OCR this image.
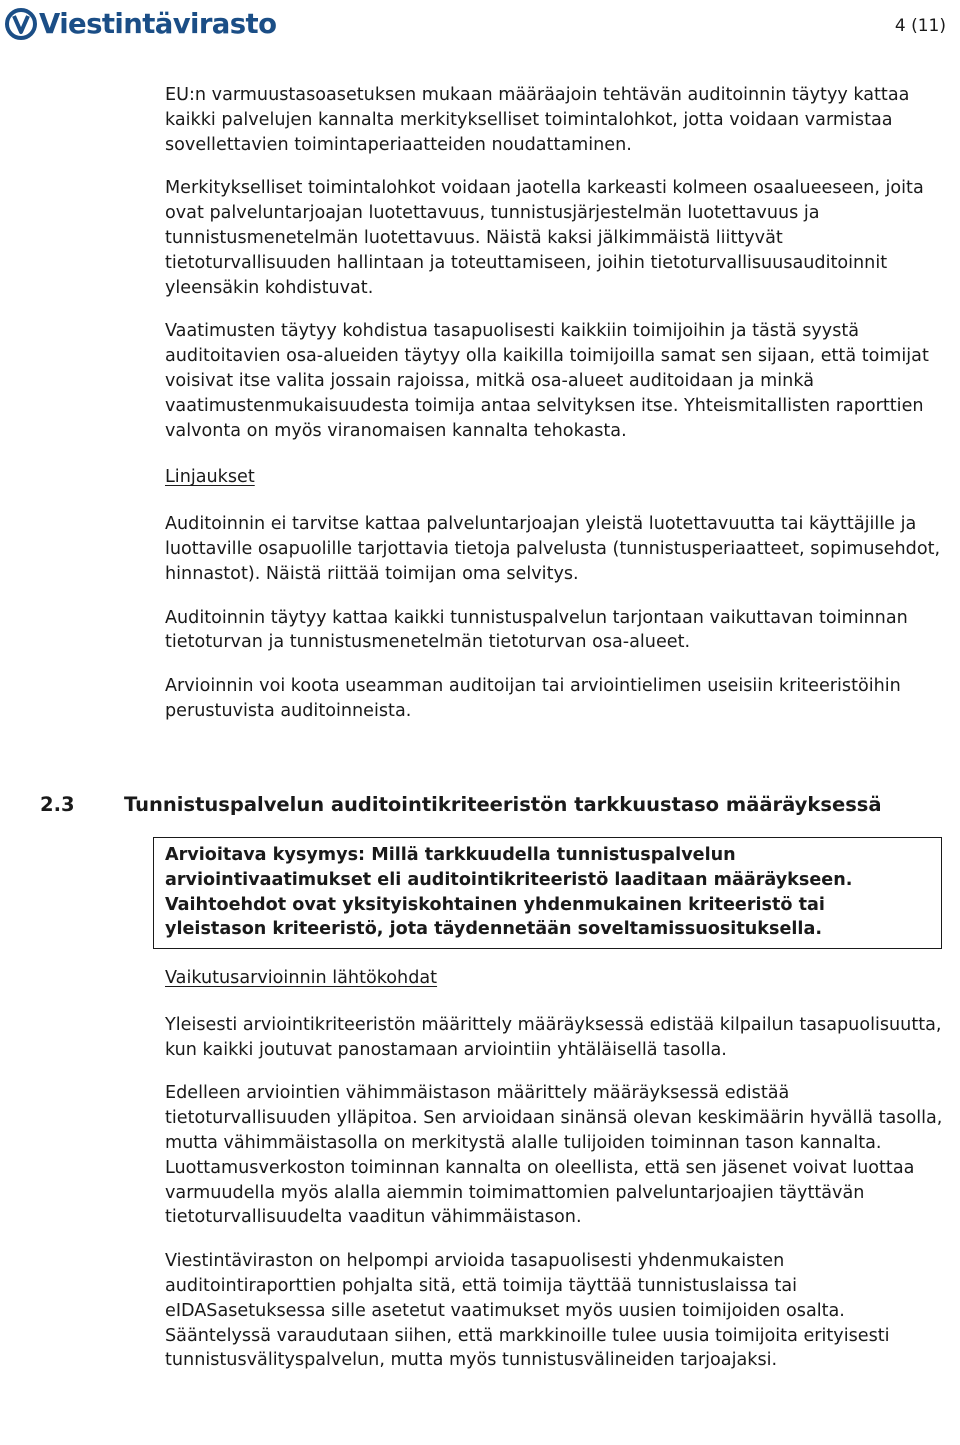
Viestintävirasto	4 (11)

EU:n varmuustasoasetuksen mukaan määräajoin tehtävän auditoinnin täytyy kattaa kaikki palvelujen kannalta merkitykselliset toimintalohkot, jotta voidaan varmistaa sovellettavien toimintaperiaatteiden noudattaminen.

Merkitykselliset toimintalohkot voidaan jaotella karkeasti kolmeen osaalueeseen, joita ovat palveluntarjoajan luotettavuus, tunnistusjärjestelmän luotettavuus ja tunnistusmenetelmän luotettavuus. Näistä kaksi jälkimmäistä liittyvät tietoturvallisuuden hallintaan ja toteuttamiseen, joihin tietoturvallisuusauditoinnit yleensäkin kohdistuvat.

Vaatimusten täytyy kohdistua tasapuolisesti kaikkiin toimijoihin ja tästä syystä auditoitavien osa-alueiden täytyy olla kaikilla toimijoilla samat sen sijaan, että toimijat voisivat itse valita jossain rajoissa, mitkä osa-alueet auditoidaan ja minkä vaatimustenmukaisuudesta toimija antaa selvityksen itse. Yhteismitallisten raporttien valvonta on myös viranomaisen kannalta tehokasta.

Linjaukset

Auditoinnin ei tarvitse kattaa palveluntarjoajan yleistä luotettavuutta tai käyttäjille ja luottaville osapuolille tarjottavia tietoja palvelusta (tunnistusperiaatteet, sopimusehdot, hinnastot). Näistä riittää toimijan oma selvitys.

Auditoinnin täytyy kattaa kaikki tunnistuspalvelun tarjontaan vaikuttavan toiminnan tietoturvan ja tunnistusmenetelmän tietoturvan osa-alueet.

Arvioinnin voi koota useamman auditoijan tai arviointielimen useisiin kriteeristöihin perustuvista auditoinneista.

2.3	Tunnistuspalvelun auditointikriteeristön tarkkuustaso määräyksessä
Arvioitava kysymys: Millä tarkkuudella tunnistuspalvelun arviointivaatimukset eli auditointikriteeristö laaditaan määräykseen. Vaihtoehdot ovat yksityiskohtainen yhdenmukainen kriteeristö tai yleistason kriteeristö, jota täydennetään soveltamissuosituksella.

Vaikutusarvioinnin lähtökohdat

Yleisesti arviointikriteeristön määrittely määräyksessä edistää kilpailun tasapuolisuutta, kun kaikki joutuvat panostamaan arviointiin yhtäläisellä tasolla.

Edelleen arviointien vähimmäistason määrittely määräyksessä edistää tietoturvallisuuden ylläpitoa. Sen arvioidaan sinänsä olevan keskimäärin hyvällä tasolla, mutta vähimmäistasolla on merkitystä alalle tulijoiden toiminnan tason kannalta. Luottamusverkoston toiminnan kannalta on oleellista, että sen jäsenet voivat luottaa varmuudella myös alalla aiemmin toimimattomien palveluntarjoajien täyttävän tietoturvallisuudelta vaaditun vähimmäistason.

Viestintäviraston on helpompi arvioida tasapuolisesti yhdenmukaisten auditointiraporttien pohjalta sitä, että toimija täyttää tunnistuslaissa tai eIDASasetuksessa sille asetetut vaatimukset myös uusien toimijoiden osalta. Sääntelyssä varaudutaan siihen, että markkinoille tulee uusia toimijoita erityisesti tunnistusvälityspalvelun, mutta myös tunnistusvälineiden tarjoajaksi.
